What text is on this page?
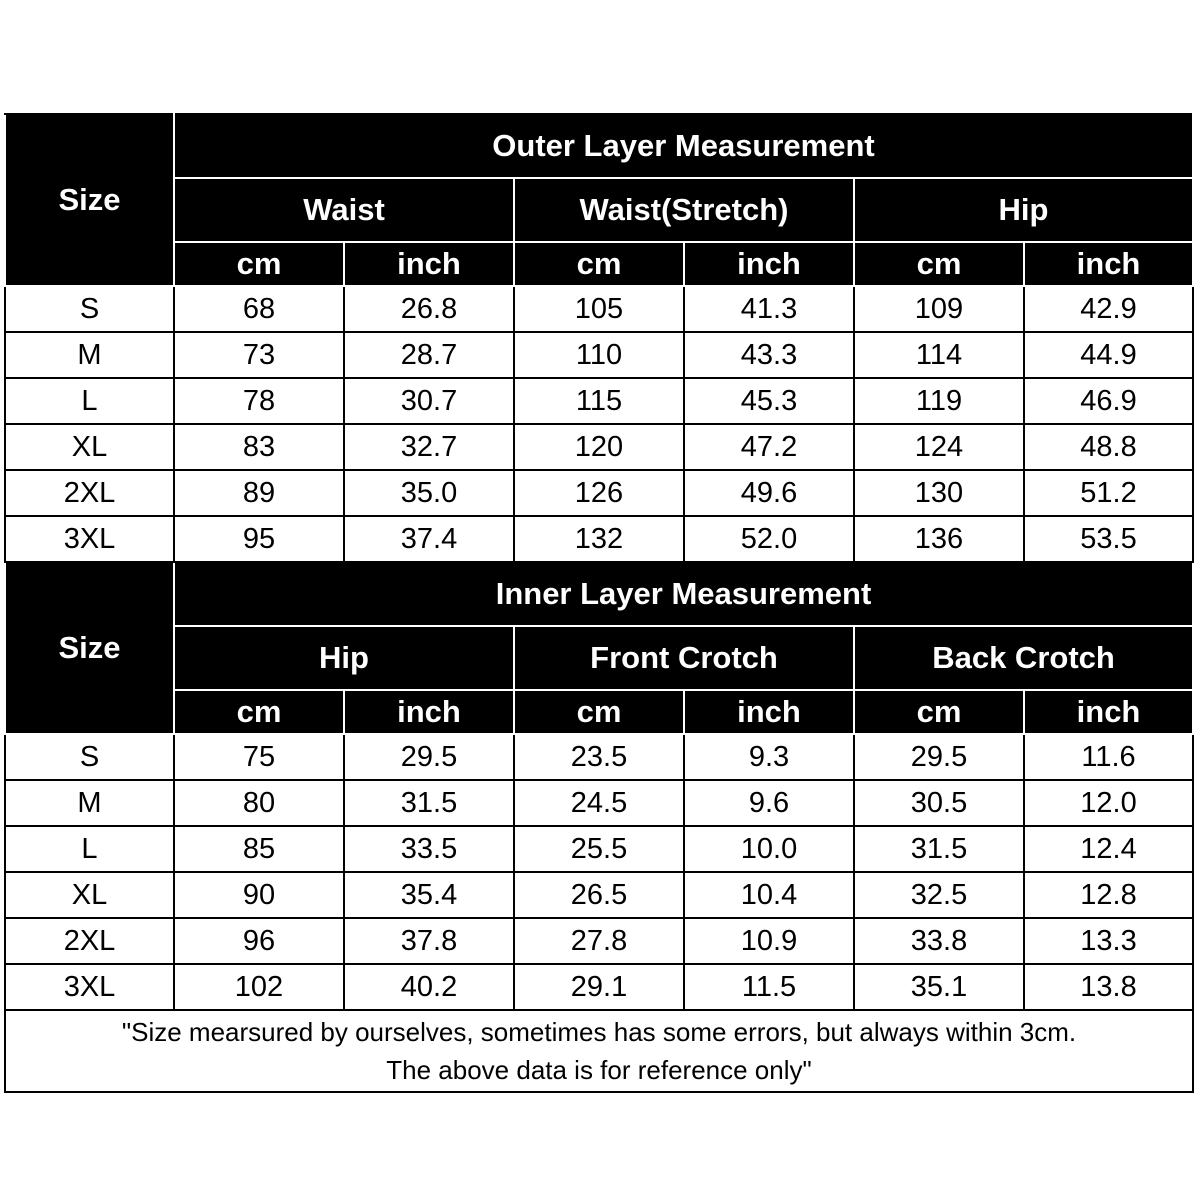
Size	Outer Layer Measurement					
	Waist		Waist(Stretch)		Hip	
	cm	inch	cm	inch	cm	inch
S	68	26.8	105	41.3	109	42.9
M	73	28.7	110	43.3	114	44.9
L	78	30.7	115	45.3	119	46.9
XL	83	32.7	120	47.2	124	48.8
2XL	89	35.0	126	49.6	130	51.2
3XL	95	37.4	132	52.0	136	53.5
Size	Inner Layer Measurement					
	Hip		Front Crotch		Back Crotch	
	cm	inch	cm	inch	cm	inch
S	75	29.5	23.5	9.3	29.5	11.6
M	80	31.5	24.5	9.6	30.5	12.0
L	85	33.5	25.5	10.0	31.5	12.4
XL	90	35.4	26.5	10.4	32.5	12.8
2XL	96	37.8	27.8	10.9	33.8	13.3
3XL	102	40.2	29.1	11.5	35.1	13.8

"Size mearsured by ourselves, sometimes has some errors, but always within 3cm.
The above data is for reference only"						
